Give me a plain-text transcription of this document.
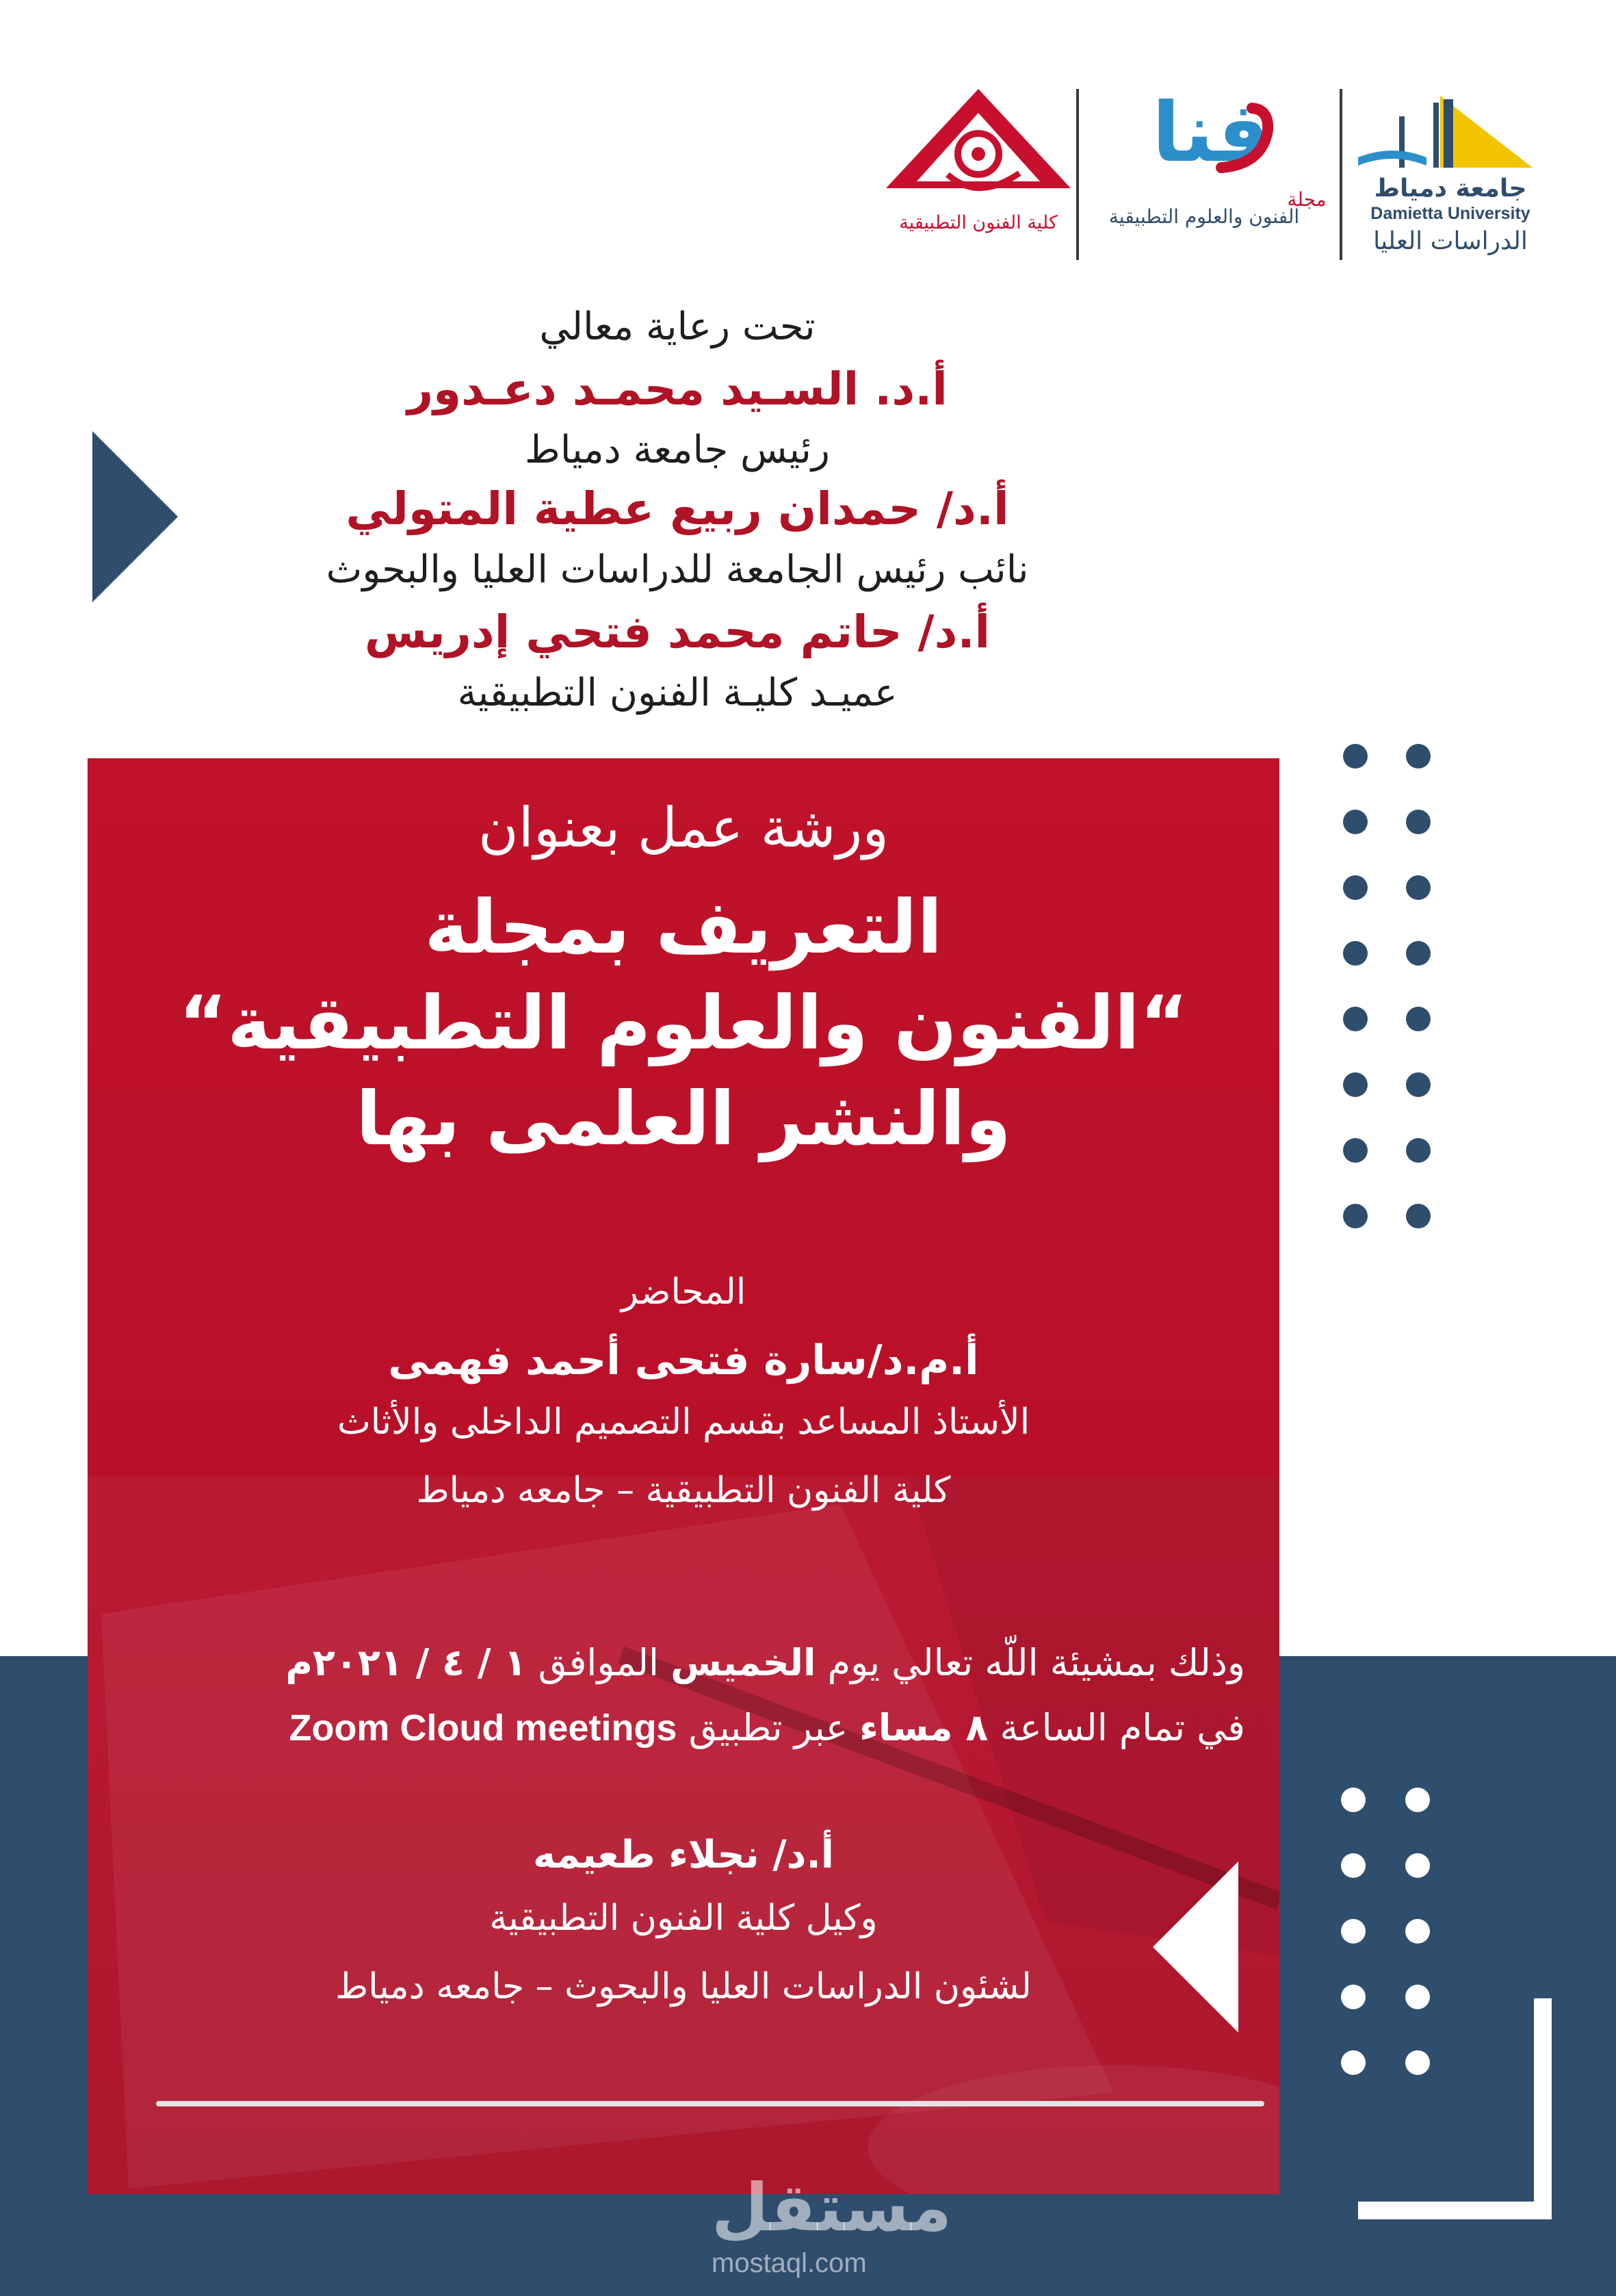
كلية الفنون التطبيقية
فنا
مجلة
الفنون والعلوم التطبيقية
جامعة دمياط
Damietta University
الدراسات العليا
تحت رعاية معالي
أ.د. السـيد محمـد دعـدور
رئيس جامعة دمياط
أ.د/ حمدان ربيع عطية المتولي
نائب رئيس الجامعة للدراسات العليا والبحوث
أ.د/ حاتم محمد فتحي إدريس
عميـد كليـة الفنون التطبيقية
ورشة عمل بعنوان
التعريف بمجلة
“الفنون والعلوم التطبيقية“
والنشر العلمى بها
المحاضر
أ.م.د/سارة فتحى أحمد فهمى
الأستاذ المساعد بقسم التصميم الداخلى والأثاث
كلية الفنون التطبيقية – جامعه دمياط
وذلك بمشيئة اللّه تعالي يوم الخميس الموافق ١ / ٤ / ٢٠٢١م
في تمام الساعة ٨ مساء عبر تطبيق Zoom Cloud meetings
أ.د/ نجلاء طعيمه
وكيل كلية الفنون التطبيقية
لشئون الدراسات العليا والبحوث – جامعه دمياط
مستقل
mostaql.com
